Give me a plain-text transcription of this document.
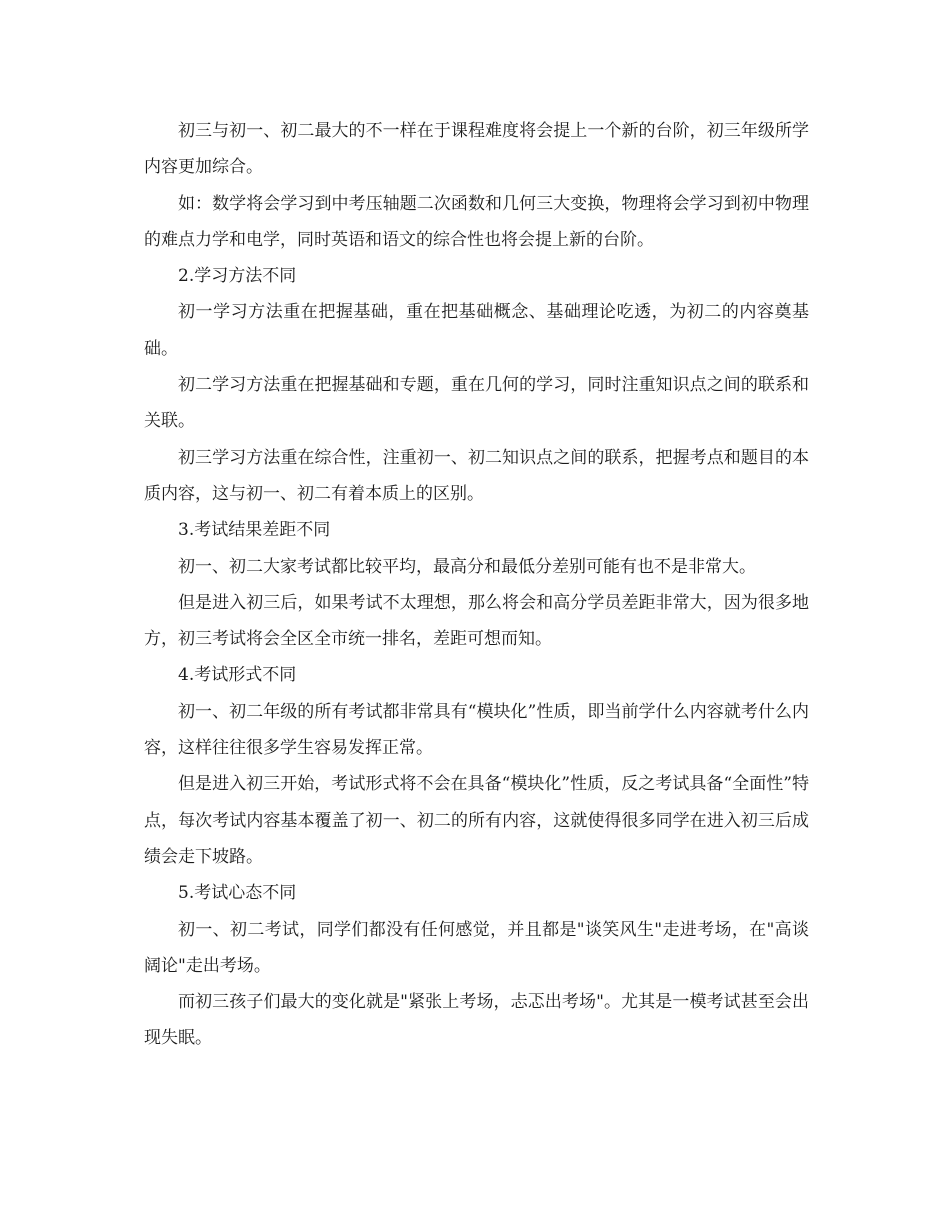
初三与初一、初二最大的不一样在于课程难度将会提上一个新的台阶，初三年级所学内容更加综合。

如：数学将会学习到中考压轴题二次函数和几何三大变换，物理将会学习到初中物理的难点力学和电学，同时英语和语文的综合性也将会提上新的台阶。

2.学习方法不同

初一学习方法重在把握基础，重在把基础概念、基础理论吃透，为初二的内容奠基础。

初二学习方法重在把握基础和专题，重在几何的学习，同时注重知识点之间的联系和关联。

初三学习方法重在综合性，注重初一、初二知识点之间的联系，把握考点和题目的本质内容，这与初一、初二有着本质上的区别。

3.考试结果差距不同

初一、初二大家考试都比较平均，最高分和最低分差别可能有也不是非常大。

但是进入初三后，如果考试不太理想，那么将会和高分学员差距非常大，因为很多地方，初三考试将会全区全市统一排名，差距可想而知。

4.考试形式不同

初一、初二年级的所有考试都非常具有“模块化”性质，即当前学什么内容就考什么内容，这样往往很多学生容易发挥正常。

但是进入初三开始，考试形式将不会在具备“模块化”性质，反之考试具备“全面性”特点，每次考试内容基本覆盖了初一、初二的所有内容，这就使得很多同学在进入初三后成绩会走下坡路。

5.考试心态不同

初一、初二考试，同学们都没有任何感觉，并且都是"谈笑风生"走进考场，在"高谈阔论"走出考场。

而初三孩子们最大的变化就是"紧张上考场，忐忑出考场"。尤其是一模考试甚至会出现失眠。
